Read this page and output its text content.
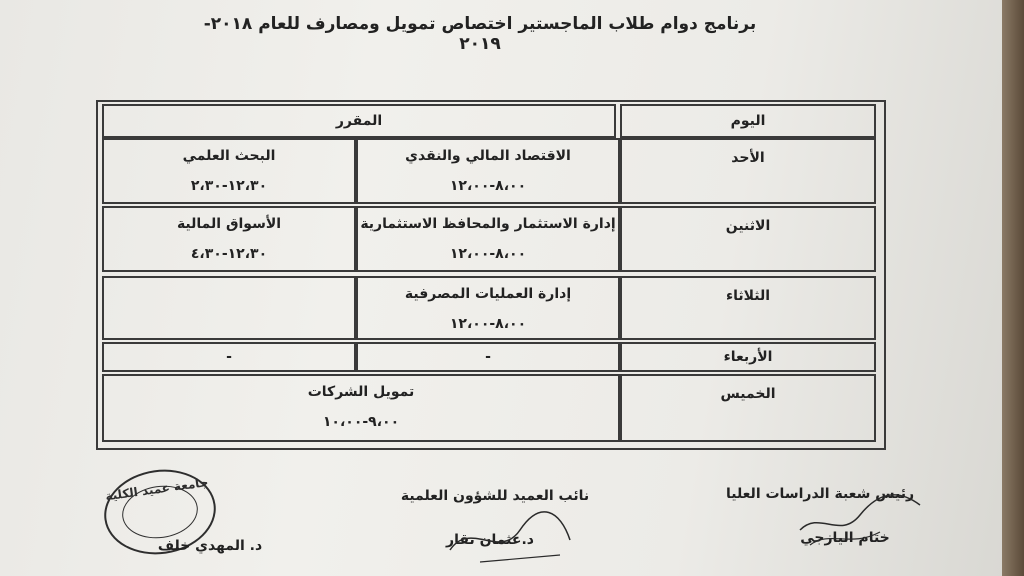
برنامج دوام طلاب الماجستير اختصاص تمويل ومصارف للعام ٢٠١٨- ٢٠١٩
اليوم
المقرر
الأحد
الاقتصاد المالي والنقدي
٨،٠٠-١٢،٠٠
البحث العلمي
١٢،٣٠-٢،٣٠
الاثنين
إدارة الاستثمار والمحافظ الاستثمارية
٨،٠٠-١٢،٠٠
الأسواق المالية
١٢،٣٠-٤،٣٠
الثلاثاء
إدارة العمليات المصرفية
٨،٠٠-١٢،٠٠
الأربعاء
-
-
الخميس
تمويل الشركات
٩،٠٠-١٠،٠٠
رئيس شعبة الدراسات العليا
ختام اليازجي
نائب العميد للشؤون العلمية
د.عثمان نقار
جامعة عميد الكلية
د. المهدي خلف
